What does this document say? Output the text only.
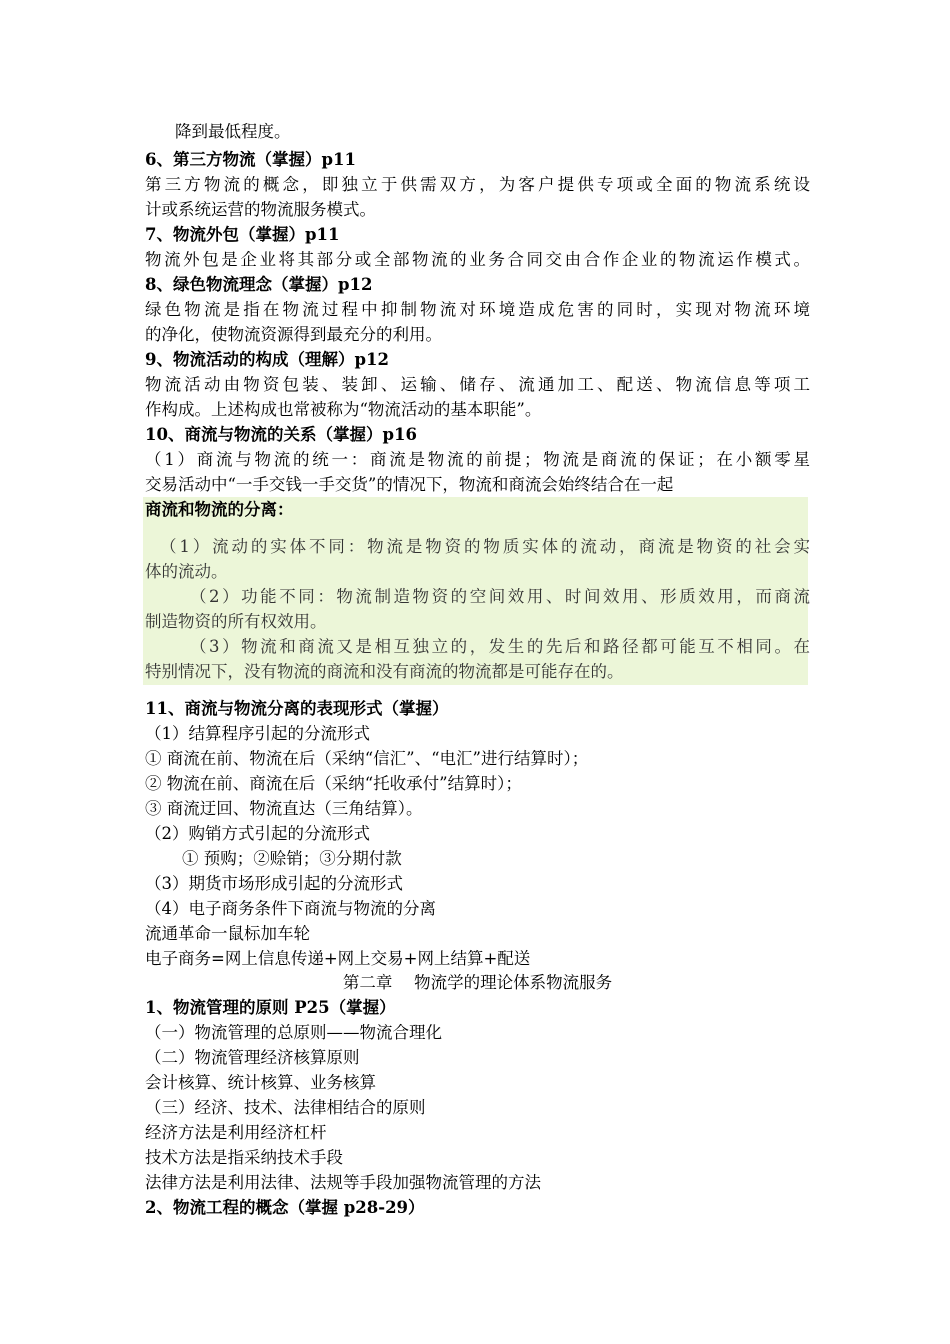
降到最低程度。
6、第三方物流（掌握）p11
第三方物流的概念，即独立于供需双方，为客户提供专项或全面的物流系统设
计或系统运营的物流服务模式。
7、物流外包（掌握）p11
物流外包是企业将其部分或全部物流的业务合同交由合作企业的物流运作模式。
8、绿色物流理念（掌握）p12
绿色物流是指在物流过程中抑制物流对环境造成危害的同时，实现对物流环境
的净化，使物流资源得到最充分的利用。
9、物流活动的构成（理解）p12
物流活动由物资包装、装卸、运输、储存、流通加工、配送、物流信息等项工
作构成。上述构成也常被称为“物流活动的基本职能”。
10、商流与物流的关系（掌握）p16
（1）商流与物流的统一：商流是物流的前提；物流是商流的保证；在小额零星
交易活动中“一手交钱一手交货”的情况下，物流和商流会始终结合在一起
商流和物流的分离：
（1）流动的实体不同：物流是物资的物质实体的流动，商流是物资的社会实
体的流动。
（2）功能不同：物流制造物资的空间效用、时间效用、形质效用，而商流
制造物资的所有权效用。
（3）物流和商流又是相互独立的，发生的先后和路径都可能互不相同。在
特别情况下，没有物流的商流和没有商流的物流都是可能存在的。
11、商流与物流分离的表现形式（掌握）
（1）结算程序引起的分流形式
① 商流在前、物流在后（采纳“信汇”、“电汇”进行结算时）；
② 物流在前、商流在后（采纳“托收承付”结算时）；
③ 商流迂回、物流直达（三角结算）。
（2）购销方式引起的分流形式
① 预购；②赊销；③分期付款
（3）期货市场形成引起的分流形式
（4）电子商务条件下商流与物流的分离
流通革命一鼠标加车轮
电子商务=网上信息传递+网上交易+网上结算+配送
第二章　 物流学的理论体系物流服务
1、物流管理的原则 P25（掌握）
（一）物流管理的总原则——物流合理化
（二）物流管理经济核算原则
会计核算、统计核算、业务核算
（三）经济、技术、法律相结合的原则
经济方法是利用经济杠杆
技术方法是指采纳技术手段
法律方法是利用法律、法规等手段加强物流管理的方法
2、物流工程的概念（掌握 p28-29）
